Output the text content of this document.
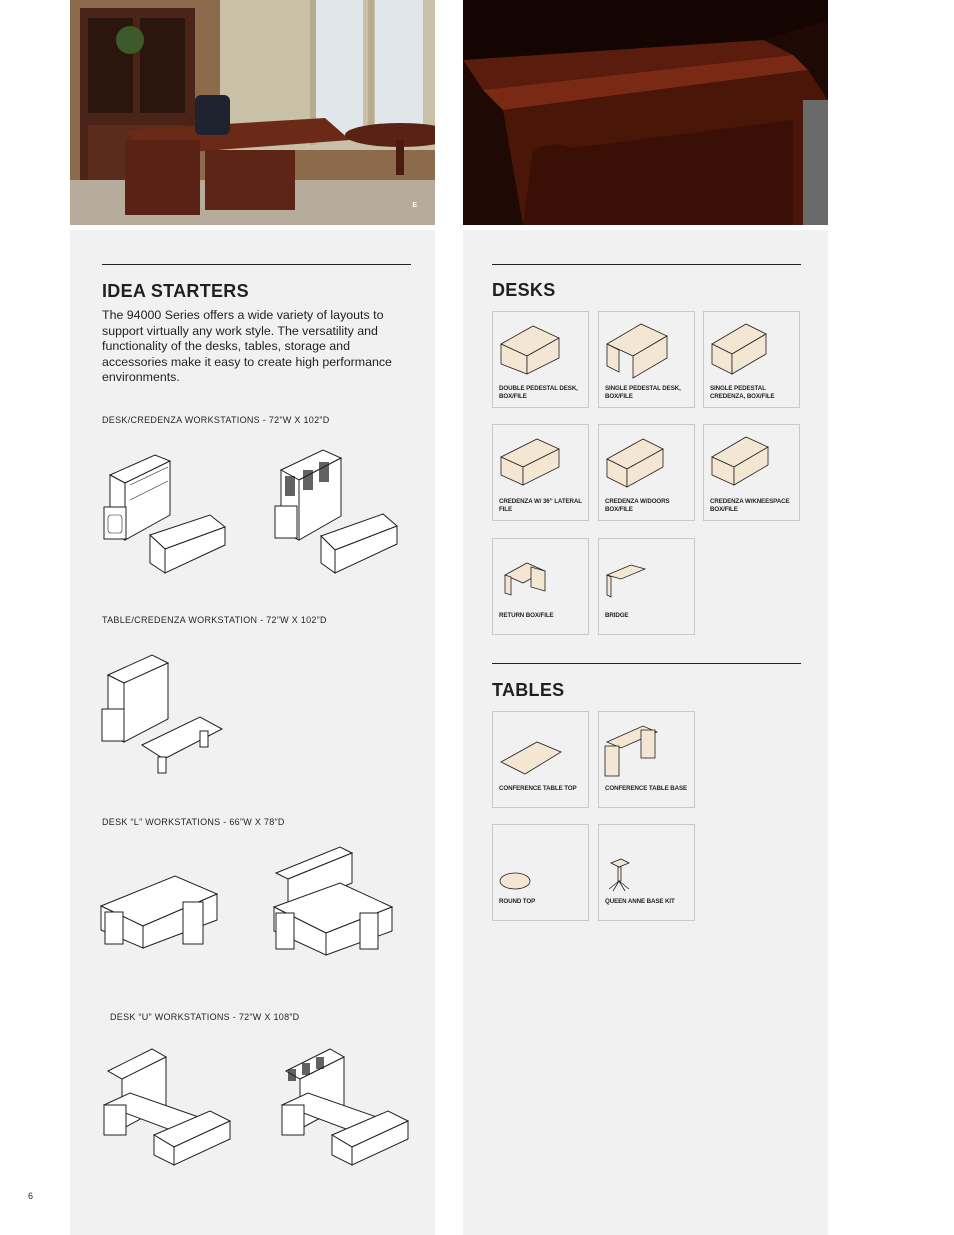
E
IDEA STARTERS

The 94000 Series offers a wide variety of layouts to support virtually any work style. The versatility and functionality of the desks, tables, storage and accessories make it easy to create high performance environments.

DESK/CREDENZA WORKSTATIONS - 72”W X 102”D
TABLE/CREDENZA WORKSTATION - 72”W X 102”D
DESK “L” WORKSTATIONS - 66”W X 78”D
DESK “U” WORKSTATIONS - 72”W X 108”D
DESKS
DOUBLE PEDESTAL DESK, BOX/FILE
SINGLE PEDESTAL DESK, BOX/FILE
SINGLE PEDESTAL CREDENZA, BOX/FILE
CREDENZA W/ 36” LATERAL FILE
CREDENZA W/DOORS BOX/FILE
CREDENZA W/KNEESPACE BOX/FILE
RETURN BOX/FILE	BRIDGE
TABLES
CONFERENCE TABLE TOP	CONFERENCE TABLE BASE
ROUND TOP	QUEEN ANNE BASE KIT
6
